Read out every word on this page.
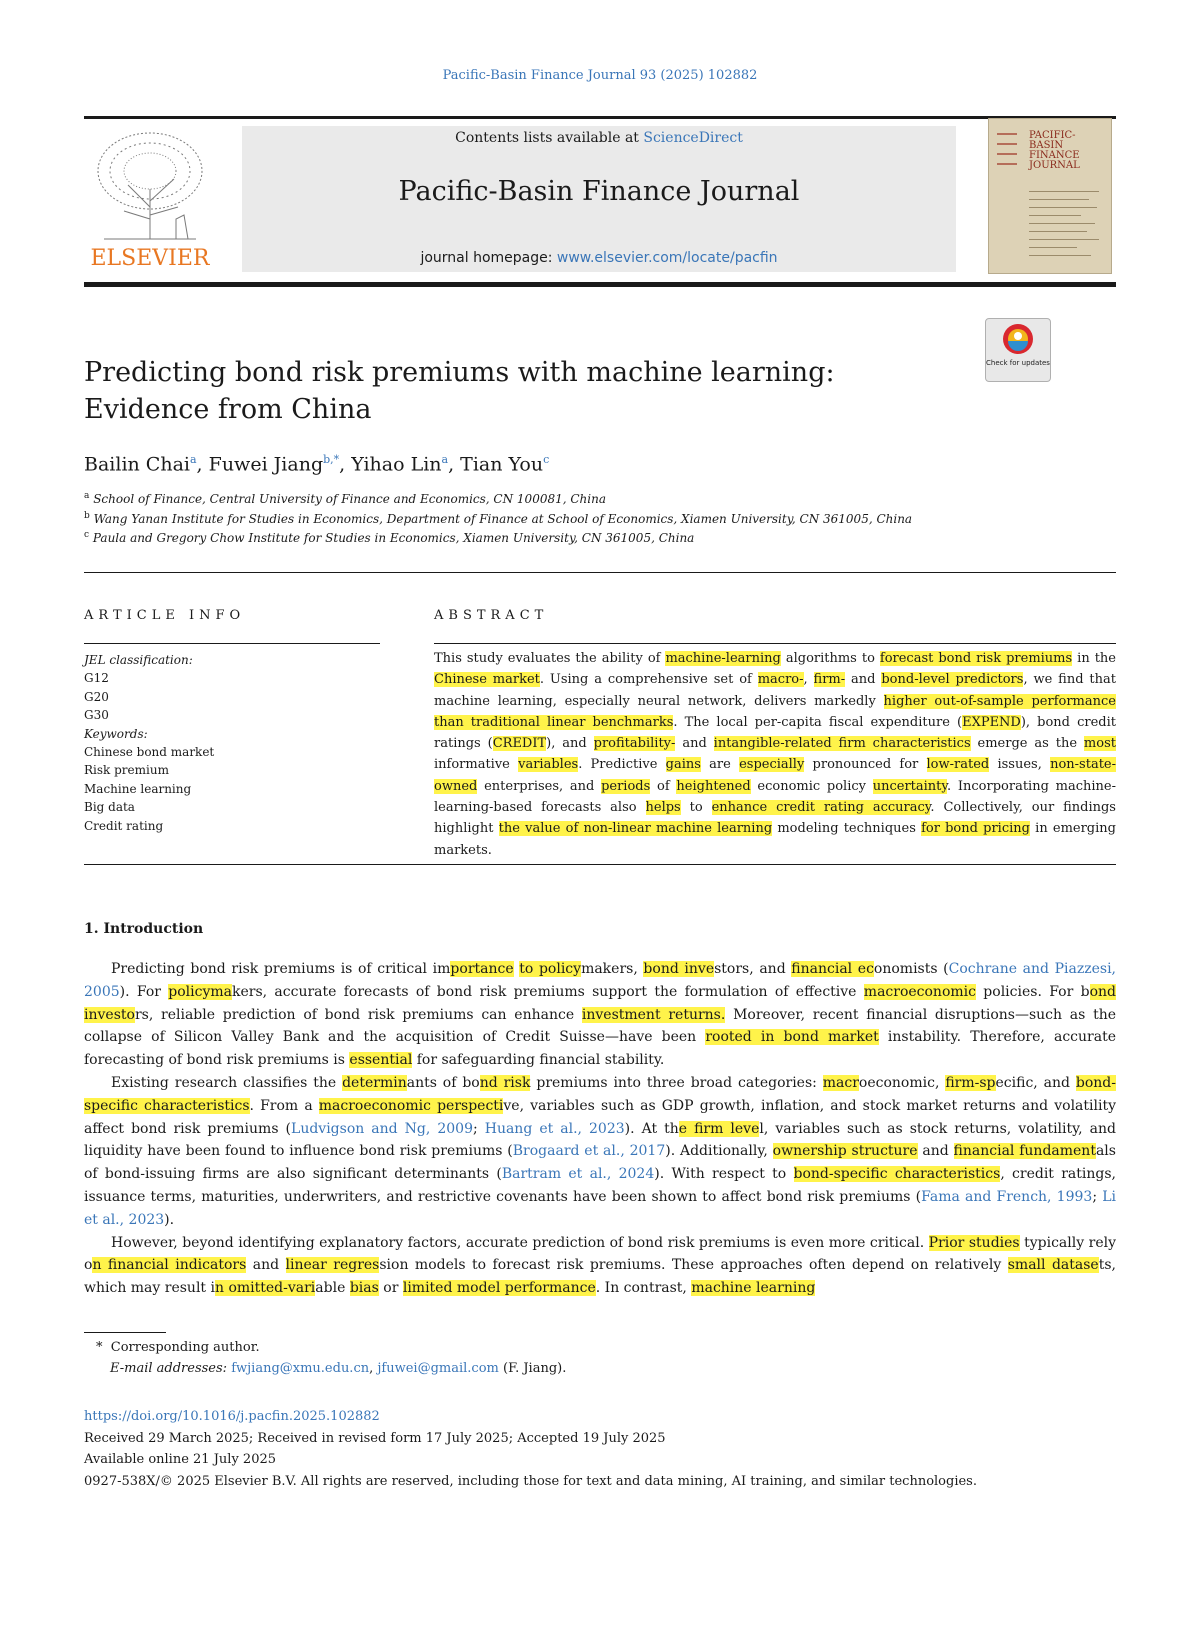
Pacific-Basin Finance Journal 93 (2025) 102882
ELSEVIER
Contents lists available at ScienceDirect
Pacific-Basin Finance Journal
journal homepage: www.elsevier.com/locate/pacfin
PACIFIC-
BASIN
FINANCE
JOURNAL
Check for updates
Predicting bond risk premiums with machine learning: Evidence from China
Bailin Chai$^a$, Fuwei Jiang$^{b,*}$, Yihao Lin$^a$, Tian You$^c$
$^a$ School of Finance, Central University of Finance and Economics, CN 100081, China
$^b$ Wang Yanan Institute for Studies in Economics, Department of Finance at School of Economics, Xiamen University, CN 361005, China
$^c$ Paula and Gregory Chow Institute for Studies in Economics, Xiamen University, CN 361005, China
ARTICLE INFO
JEL classification:
G12
G20
G30
Keywords:
Chinese bond market
Risk premium
Machine learning
Big data
Credit rating
ABSTRACT
This study evaluates the ability of machine-learning algorithms to forecast bond risk premiums in the Chinese market. Using a comprehensive set of macro-, firm- and bond-level predictors, we find that machine learning, especially neural network, delivers markedly higher out-of-sample performance than traditional linear benchmarks. The local per-capita fiscal expenditure (EXPEND), bond credit ratings (CREDIT), and profitability- and intangible-related firm characteristics emerge as the most informative variables. Predictive gains are especially pronounced for low-rated issues, non-state-owned enterprises, and periods of heightened economic policy uncertainty. Incorporating machine-learning-based forecasts also helps to enhance credit rating accuracy. Collectively, our findings highlight the value of non-linear machine learning modeling techniques for bond pricing in emerging markets.
1. Introduction

Predicting bond risk premiums is of critical importance to policymakers, bond investors, and financial economists (Cochrane and Piazzesi, 2005). For policymakers, accurate forecasts of bond risk premiums support the formulation of effective macroeconomic policies. For bond investors, reliable prediction of bond risk premiums can enhance investment returns. Moreover, recent financial disruptions—such as the collapse of Silicon Valley Bank and the acquisition of Credit Suisse—have been rooted in bond market instability. Therefore, accurate forecasting of bond risk premiums is essential for safeguarding financial stability.

Existing research classifies the determinants of bond risk premiums into three broad categories: macroeconomic, firm-specific, and bond-specific characteristics. From a macroeconomic perspective, variables such as GDP growth, inflation, and stock market returns and volatility affect bond risk premiums (Ludvigson and Ng, 2009; Huang et al., 2023). At the firm level, variables such as stock returns, volatility, and liquidity have been found to influence bond risk premiums (Brogaard et al., 2017). Additionally, ownership structure and financial fundamentals of bond-issuing firms are also significant determinants (Bartram et al., 2024). With respect to bond-specific characteristics, credit ratings, issuance terms, maturities, underwriters, and restrictive covenants have been shown to affect bond risk premiums (Fama and French, 1993; Li et al., 2023).

However, beyond identifying explanatory factors, accurate prediction of bond risk premiums is even more critical. Prior studies typically rely on financial indicators and linear regression models to forecast risk premiums. These approaches often depend on relatively small datasets, which may result in omitted-variable bias or limited model performance. In contrast, machine learning

* Corresponding author.
E-mail addresses: fwjiang@xmu.edu.cn, jfuwei@gmail.com (F. Jiang).
https://doi.org/10.1016/j.pacfin.2025.102882
Received 29 March 2025; Received in revised form 17 July 2025; Accepted 19 July 2025
Available online 21 July 2025
0927-538X/© 2025 Elsevier B.V. All rights are reserved, including those for text and data mining, AI training, and similar technologies.
